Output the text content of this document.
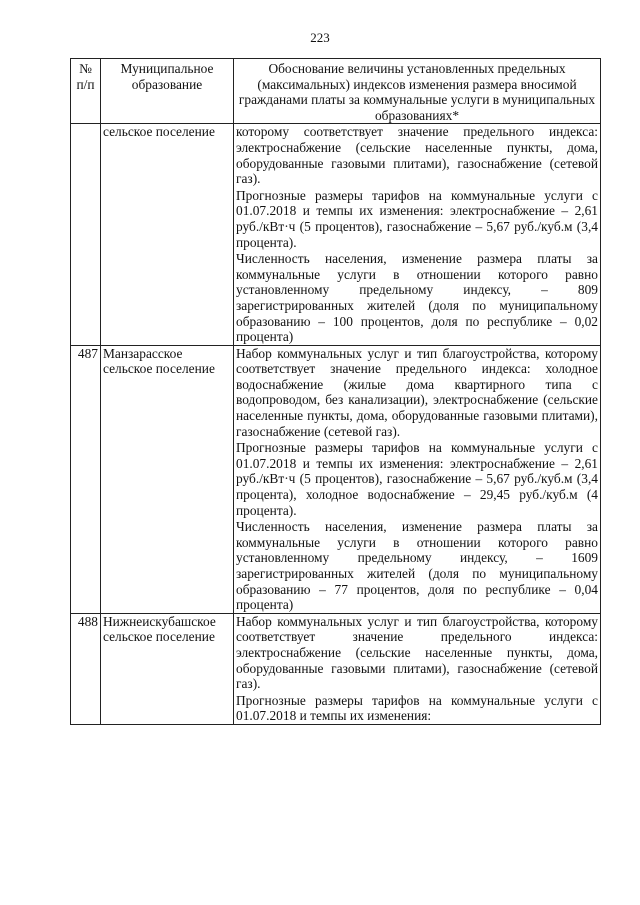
223
№ п/п	Муниципальное образование	Обоснование величины установленных предельных (максимальных) индексов изменения размера вносимой гражданами платы за коммунальные услуги в муниципальных образованиях*
	сельское поселение	которому соответствует значение предельного индекса: электроснабжение (сельские населенные пункты, дома, оборудованные газовыми плитами), газоснабжение (сетевой газ).

Прогнозные размеры тарифов на коммунальные услуги с 01.07.2018 и темпы их изменения: электроснабжение – 2,61 руб./кВт·ч (5 процентов), газоснабжение – 5,67 руб./куб.м (3,4 процента).

Численность населения, изменение размера платы за коммунальные услуги в отношении которого равно установленному предельному индексу, – 809 зарегистрированных жителей (доля по муниципальному образованию – 100 процентов, доля по республике – 0,02 процента)

487	Манзарасское сельское поселение	Набор коммунальных услуг и тип благоустройства, которому соответствует значение предельного индекса: холодное водоснабжение (жилые дома квартирного типа с водопроводом, без канализации), электроснабжение (сельские населенные пункты, дома, оборудованные газовыми плитами), газоснабжение (сетевой газ).

Прогнозные размеры тарифов на коммунальные услуги с 01.07.2018 и темпы их изменения: электроснабжение – 2,61 руб./кВт·ч (5 процентов), газоснабжение – 5,67 руб./куб.м (3,4 процента), холодное водоснабжение – 29,45 руб./куб.м (4 процента).

Численность населения, изменение размера платы за коммунальные услуги в отношении которого равно установленному предельному индексу, – 1609 зарегистрированных жителей (доля по муниципальному образованию – 77 процентов, доля по республике – 0,04 процента)

488	Нижнеискубашское сельское поселение	Набор коммунальных услуг и тип благоустройства, которому соответствует значение предельного индекса: электроснабжение (сельские населенные пункты, дома, оборудованные газовыми плитами), газоснабжение (сетевой газ).

Прогнозные размеры тарифов на коммунальные услуги с 01.07.2018 и темпы их изменения:
